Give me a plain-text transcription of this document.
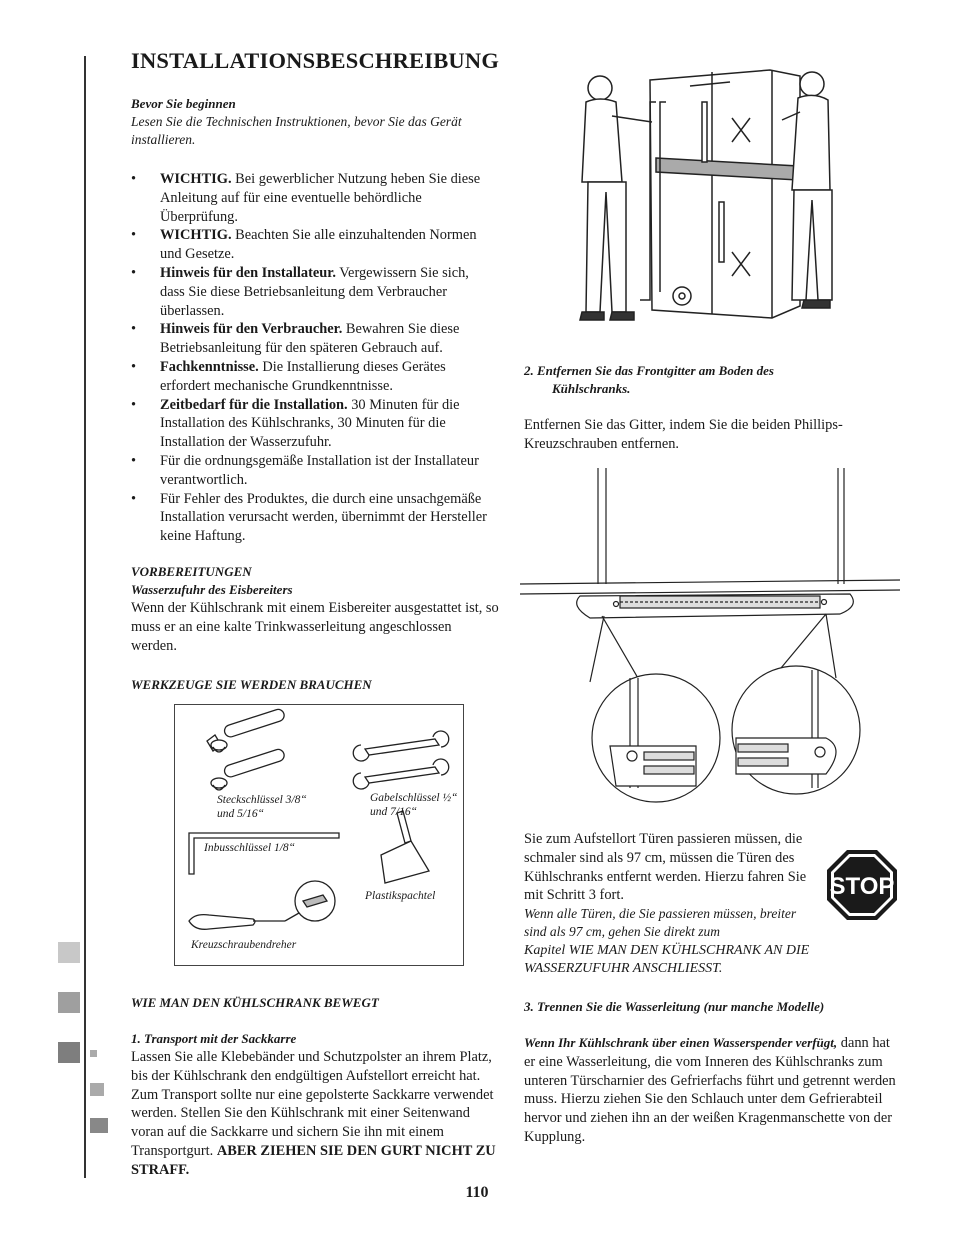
INSTALLATIONSBESCHREIBUNG

Bevor Sie beginnen

Lesen Sie die Technischen Instruktionen, bevor Sie das Gerät installieren.

• WICHTIG. Bei gewerblicher Nutzung heben Sie diese Anleitung auf für eine eventuelle behördliche Überprüfung.
• WICHTIG. Beachten Sie alle einzuhaltenden Normen und Gesetze.
• Hinweis für den Installateur. Vergewissern Sie sich, dass Sie diese Betriebsanleitung dem Verbraucher überlassen.
• Hinweis für den Verbraucher. Bewahren Sie diese Betriebsanleitung für den späteren Gebrauch auf.
• Fachkenntnisse. Die Installierung dieses Gerätes erfordert mechanische Grundkenntnisse.
• Zeitbedarf für die Installation. 30 Minuten für die Installation des Kühlschranks, 30 Minuten für die Installation der Wasserzufuhr.
• Für die ordnungsgemäße Installation ist der Installateur verantwortlich.
• Für Fehler des Produktes, die durch eine unsachgemäße Installation verursacht werden, übernimmt der Hersteller keine Haftung.

VORBEREITUNGEN

Wasserzufuhr des Eisbereiters

Wenn der Kühlschrank mit einem Eisbereiter ausgestattet ist, so muss er an eine kalte Trinkwasserleitung angeschlossen werden.

WERKZEUGE SIE WERDEN BRAUCHEN

Steckschlüssel 3/8“
und 5/16“
Gabelschlüssel ½“
und 7/16“
Inbusschlüssel 1/8“
Plastikspachtel
Kreuzschraubendreher

WIE MAN DEN KÜHLSCHRANK BEWEGT

1. Transport mit der Sackkarre

Lassen Sie alle Klebebänder und Schutzpolster an ihrem Platz, bis der Kühlschrank den endgültigen Aufstellort erreicht hat. Zum Transport sollte nur eine gepolsterte Sackkarre verwendet werden. Stellen Sie den Kühlschrank mit einer Seitenwand voran auf die Sackkarre und sichern Sie ihn mit einem Transportgurt. ABER ZIEHEN SIE DEN GURT NICHT ZU STRAFF.

2. Entfernen Sie das Frontgitter am Boden des

Kühlschranks.

Entfernen Sie das Gitter, indem Sie die beiden Phillips-Kreuzschrauben entfernen.

Sie zum Aufstellort Türen passieren müssen, die schmaler sind als 97 cm, müssen die Türen des Kühlschranks entfernt werden. Hierzu fahren Sie mit Schritt 3 fort.

Wenn alle Türen, die Sie passieren müssen, breiter sind als 97 cm, gehen Sie direkt zum

Kapitel WIE MAN DEN KÜHLSCHRANK AN DIE WASSERZUFUHR ANSCHLIESST.

STOP

3. Trennen Sie die Wasserleitung (nur manche Modelle)

Wenn Ihr Kühlschrank über einen Wasserspender verfügt, dann hat er eine Wasserleitung, die vom Inneren des Kühlschranks zum unteren Türscharnier des Gefrierfachs führt und getrennt werden muss. Hierzu ziehen Sie den Schlauch unter dem Gefrierabteil hervor und ziehen ihn an der weißen Kragenmanschette von der Kupplung.

110
